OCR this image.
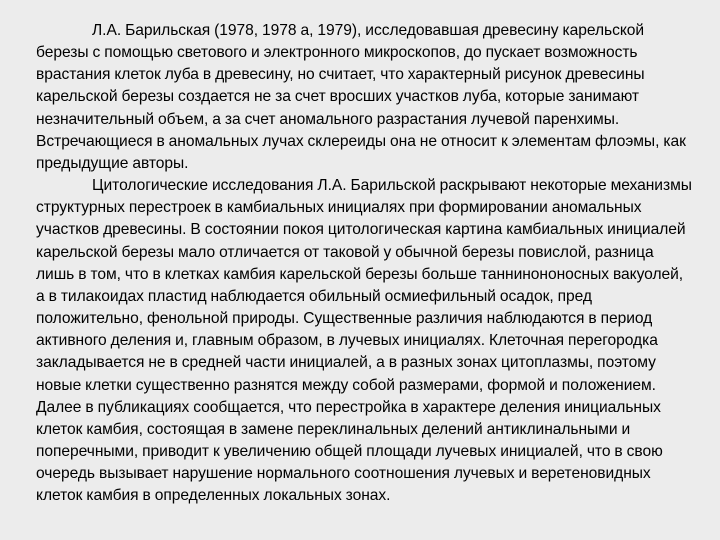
Л.А. Барильская (1978, 1978 а, 1979), исследовавшая древесину карельской березы с помощью светового и электронного микроскопов, до пускает возможность врастания клеток луба в древесину, но считает, что характерный рисунок древесины карельской березы создается не за счет вросших участков луба, которые занимают незначительный объем, а за счет аномального разрастания лучевой паренхимы. Встречающиеся в аномальных лучах склереиды она не относит к элементам флоэмы, как предыдущие авторы.

Цитологические исследования Л.А. Барильской раскрывают некоторые механизмы структурных перестроек в камбиальных инициалях при формировании аномальных участков древесины. В состоянии покоя цитологическая картина камбиальных инициалей карельской березы мало отличается от таковой у обычной березы повислой, разница лишь в том, что в клетках камбия карельской березы больше таннинононосных вакуолей, а в тилакоидах пластид наблюдается обильный осмиефильный осадок, пред положительно, фенольной природы. Существенные различия наблюдаются в период активного деления и, главным образом, в лучевых инициалях. Клеточная перегородка закладывается не в средней части инициалей, а в разных зонах цитоплазмы, поэтому новые клетки существенно разнятся между собой размерами, формой и положением. Далее в публикациях сообщается, что перестройка в характере деления инициальных клеток камбия, состоящая в замене переклинальных делений антиклинальными и поперечными, приводит к увеличению общей площади лучевых инициалей, что в свою очередь вызывает нарушение нормального соотношения лучевых и веретеновидных клеток камбия в определенных локальных зонах.
